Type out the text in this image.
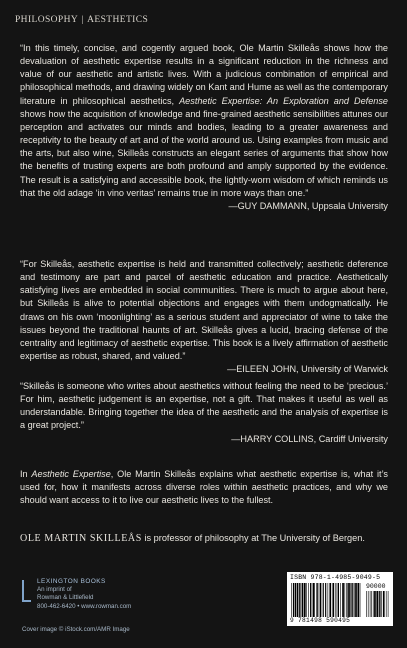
PHILOSOPHY | AESTHETICS

“In this timely, concise, and cogently argued book, Ole Martin Skilleås shows how the devaluation of aesthetic expertise results in a significant reduction in the richness and value of our aesthetic and artistic lives. With a judicious combination of empirical and philosophical methods, and drawing widely on Kant and Hume as well as the contemporary literature in philosophical aesthetics, Aesthetic Expertise: An Exploration and Defense shows how the acquisition of knowledge and fine-grained aesthetic sensibilities attunes our perception and activates our minds and bodies, leading to a greater awareness and receptivity to the beauty of art and of the world around us. Using examples from music and the arts, but also wine, Skilleås constructs an elegant series of arguments that show how the benefits of trusting experts are both profound and amply supported by the evidence. The result is a satisfying and accessible book, the lightly-worn wisdom of which reminds us that the old adage ‘in vino veritas’ remains true in more ways than one.”

—GUY DAMMANN, Uppsala University

“For Skilleås, aesthetic expertise is held and transmitted collectively; aesthetic deference and testimony are part and parcel of aesthetic education and practice. Aesthetically satisfying lives are embedded in social communities. There is much to argue about here, but Skilleås is alive to potential objections and engages with them undogmatically. He draws on his own ‘moonlighting’ as a serious student and appreciator of wine to take the issues beyond the traditional haunts of art. Skilleås gives a lucid, bracing defense of the centrality and legitimacy of aesthetic expertise. This book is a lively affirmation of aesthetic expertise as robust, shared, and valued.”

—EILEEN JOHN, University of Warwick

“Skilleås is someone who writes about aesthetics without feeling the need to be ‘precious.’ For him, aesthetic judgement is an expertise, not a gift. That makes it useful as well as understandable. Bringing together the idea of the aesthetic and the analysis of expertise is a great project.”

—HARRY COLLINS, Cardiff University

In Aesthetic Expertise, Ole Martin Skilleås explains what aesthetic expertise is, what it’s used for, how it manifests across diverse roles within aesthetic practices, and why we should want access to it to live our aesthetic lives to the fullest.

OLE MARTIN SKILLEÅS is professor of philosophy at The University of Bergen.

LEXINGTON BOOKS
An imprint of
Rowman & Littlefield
800-462-6420 • www.rowman.com
Cover image © iStock.com/AMR Image
ISBN 978-1-4985-9049-5
90000
9 781498 590495
